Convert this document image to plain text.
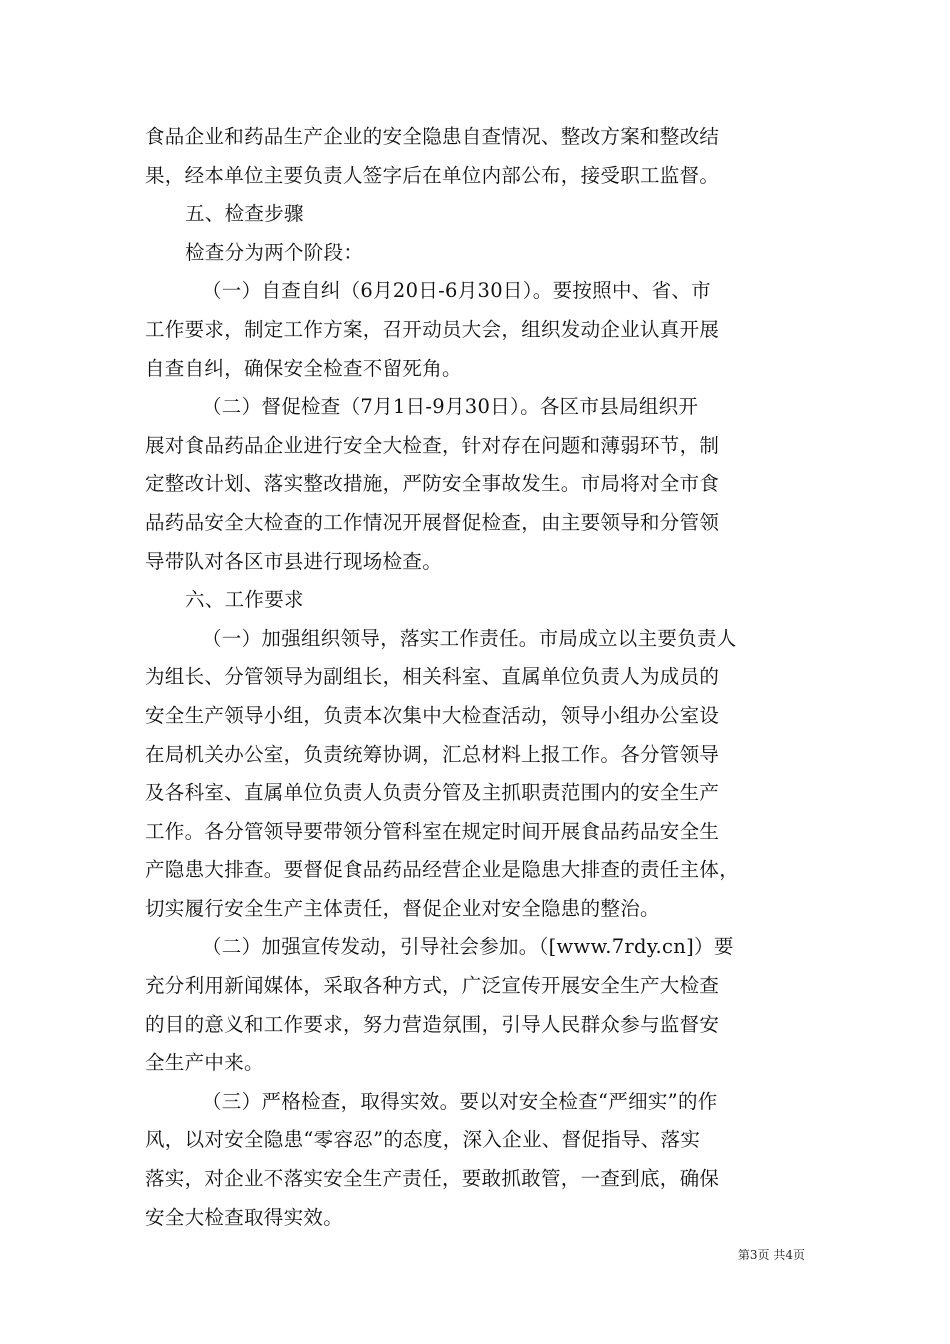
食品企业和药品生产企业的安全隐患自查情况、整改方案和整改结
果，经本单位主要负责人签字后在单位内部公布，接受职工监督。
五、检查步骤
检查分为两个阶段：
（一）自查自纠（6月20日-6月30日）。要按照中、省、市
工作要求，制定工作方案，召开动员大会，组织发动企业认真开展
自查自纠，确保安全检查不留死角。
（二）督促检查（7月1日-9月30日）。各区市县局组织开
展对食品药品企业进行安全大检查，针对存在问题和薄弱环节，制
定整改计划、落实整改措施，严防安全事故发生。市局将对全市食
品药品安全大检查的工作情况开展督促检查，由主要领导和分管领
导带队对各区市县进行现场检查。
六、工作要求
（一）加强组织领导，落实工作责任。市局成立以主要负责人
为组长、分管领导为副组长，相关科室、直属单位负责人为成员的
安全生产领导小组，负责本次集中大检查活动，领导小组办公室设
在局机关办公室，负责统筹协调，汇总材料上报工作。各分管领导
及各科室、直属单位负责人负责分管及主抓职责范围内的安全生产
工作。各分管领导要带领分管科室在规定时间开展食品药品安全生
产隐患大排查。要督促食品药品经营企业是隐患大排查的责任主体，
切实履行安全生产主体责任，督促企业对安全隐患的整治。
（二）加强宣传发动，引导社会参加。（[www.7rdy.cn]）要
充分利用新闻媒体，采取各种方式，广泛宣传开展安全生产大检查
的目的意义和工作要求，努力营造氛围，引导人民群众参与监督安
全生产中来。
（三）严格检查，取得实效。要以对安全检查“严细实”的作
风，以对安全隐患“零容忍”的态度，深入企业、督促指导、落实
落实，对企业不落实安全生产责任，要敢抓敢管，一查到底，确保
安全大检查取得实效。
第3页 共4页
